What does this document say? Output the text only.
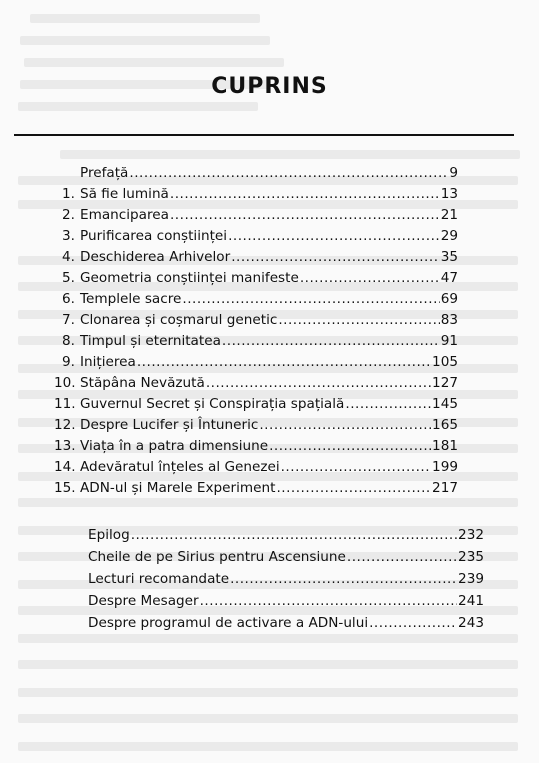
CUPRINS
Prefață .....	9
1. Să fie lumină .....	13
2. Emanciparea .....	21
3. Purificarea conștiinței .....	29
4. Deschiderea Arhivelor .....	35
5. Geometria conștiinței manifeste .....	47
6. Templele sacre .....	69
7. Clonarea și coșmarul genetic .....	83
8. Timpul și eternitatea .....	91
9. Inițierea .....	105
10. Stăpâna Nevăzută .....	127
11. Guvernul Secret și Conspirația spațială .....	145
12. Despre Lucifer și Întuneric .....	165
13. Viața în a patra dimensiune .....	181
14. Adevăratul înțeles al Genezei .....	199
15. ADN-ul și Marele Experiment .....	217
Epilog .....	232
Cheile de pe Sirius pentru Ascensiune .....	235
Lecturi recomandate .....	239
Despre Mesager .....	241
Despre programul de activare a ADN-ului .....	243
